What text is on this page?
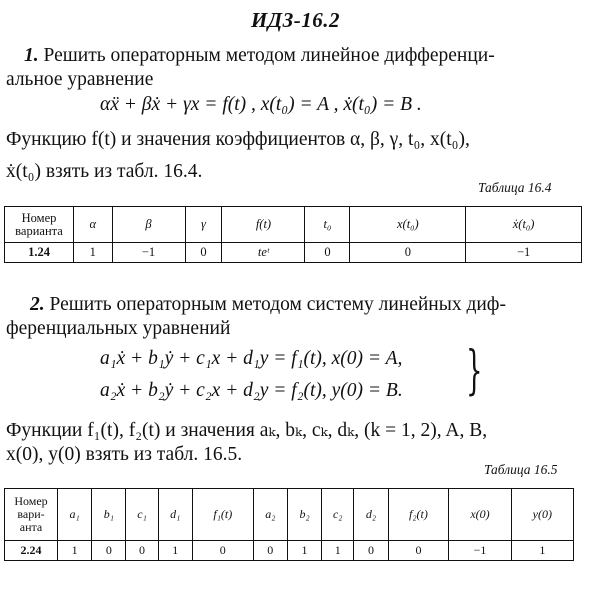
ИДЗ-16.2
1. Решить операторным методом линейное дифференци-
альное уравнение
αẍ + βẋ + γx = f(t) , x(t₀) = A , ẋ(t₀) = B .
Функцию f(t) и значения коэффициентов α, β, γ, t₀, x(t₀),
ẋ(t₀) взять из табл. 16.4.
Таблица 16.4
Номер
варианта	α	β	γ	f(t)	t₀	x(t₀)	ẋ(t₀)
1.24	1	−1	0	teᵗ	0	0	−1
2. Решить операторным методом систему линейных диф-
ференциальных уравнений
a₁ẋ + b₁ẏ + c₁x + d₁y = f₁(t), x(0) = A,
a₂ẋ + b₂ẏ + c₂x + d₂y = f₂(t), y(0) = B. }
Функции f₁(t), f₂(t) и значения aₖ, bₖ, cₖ, dₖ, (k = 1, 2), A, B,
x(0), y(0) взять из табл. 16.5.
Таблица 16.5
Номер
вари-
анта	a₁	b₁	c₁	d₁	f₁(t)	a₂	b₂	c₂	d₂	f₂(t)	x(0)	y(0)
2.24	1	0	0	1	0	0	1	1	0	0	−1	1
